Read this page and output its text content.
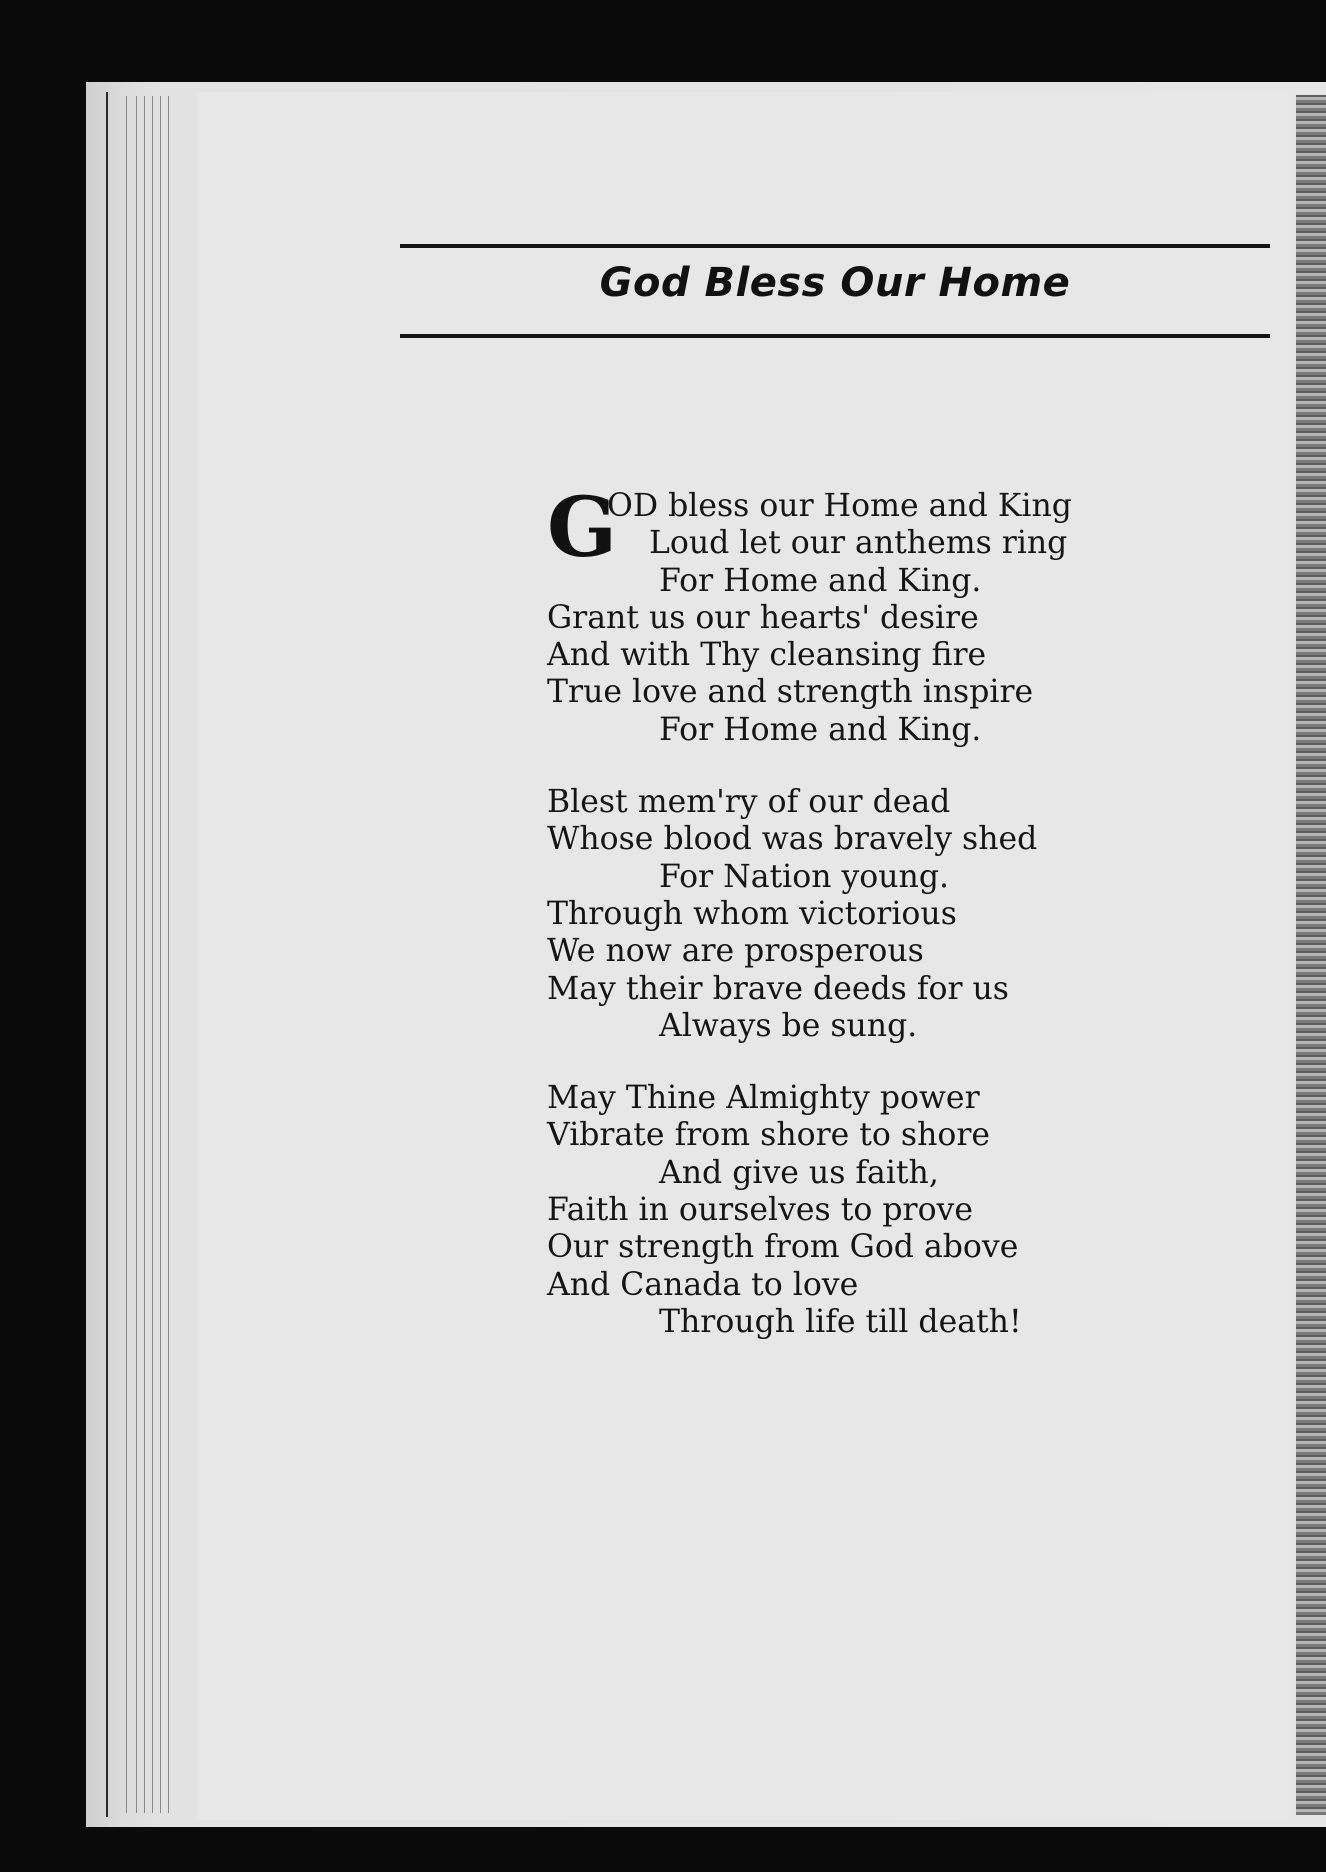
God Bless Our Home
G
OD bless our Home and King
Loud let our anthems ring
For Home and King.
Grant us our hearts' desire
And with Thy cleansing fire
True love and strength inspire
For Home and King.
Blest mem'ry of our dead
Whose blood was bravely shed
For Nation young.
Through whom victorious
We now are prosperous
May their brave deeds for us
Always be sung.
May Thine Almighty power
Vibrate from shore to shore
And give us faith,
Faith in ourselves to prove
Our strength from God above
And Canada to love
Through life till death!
